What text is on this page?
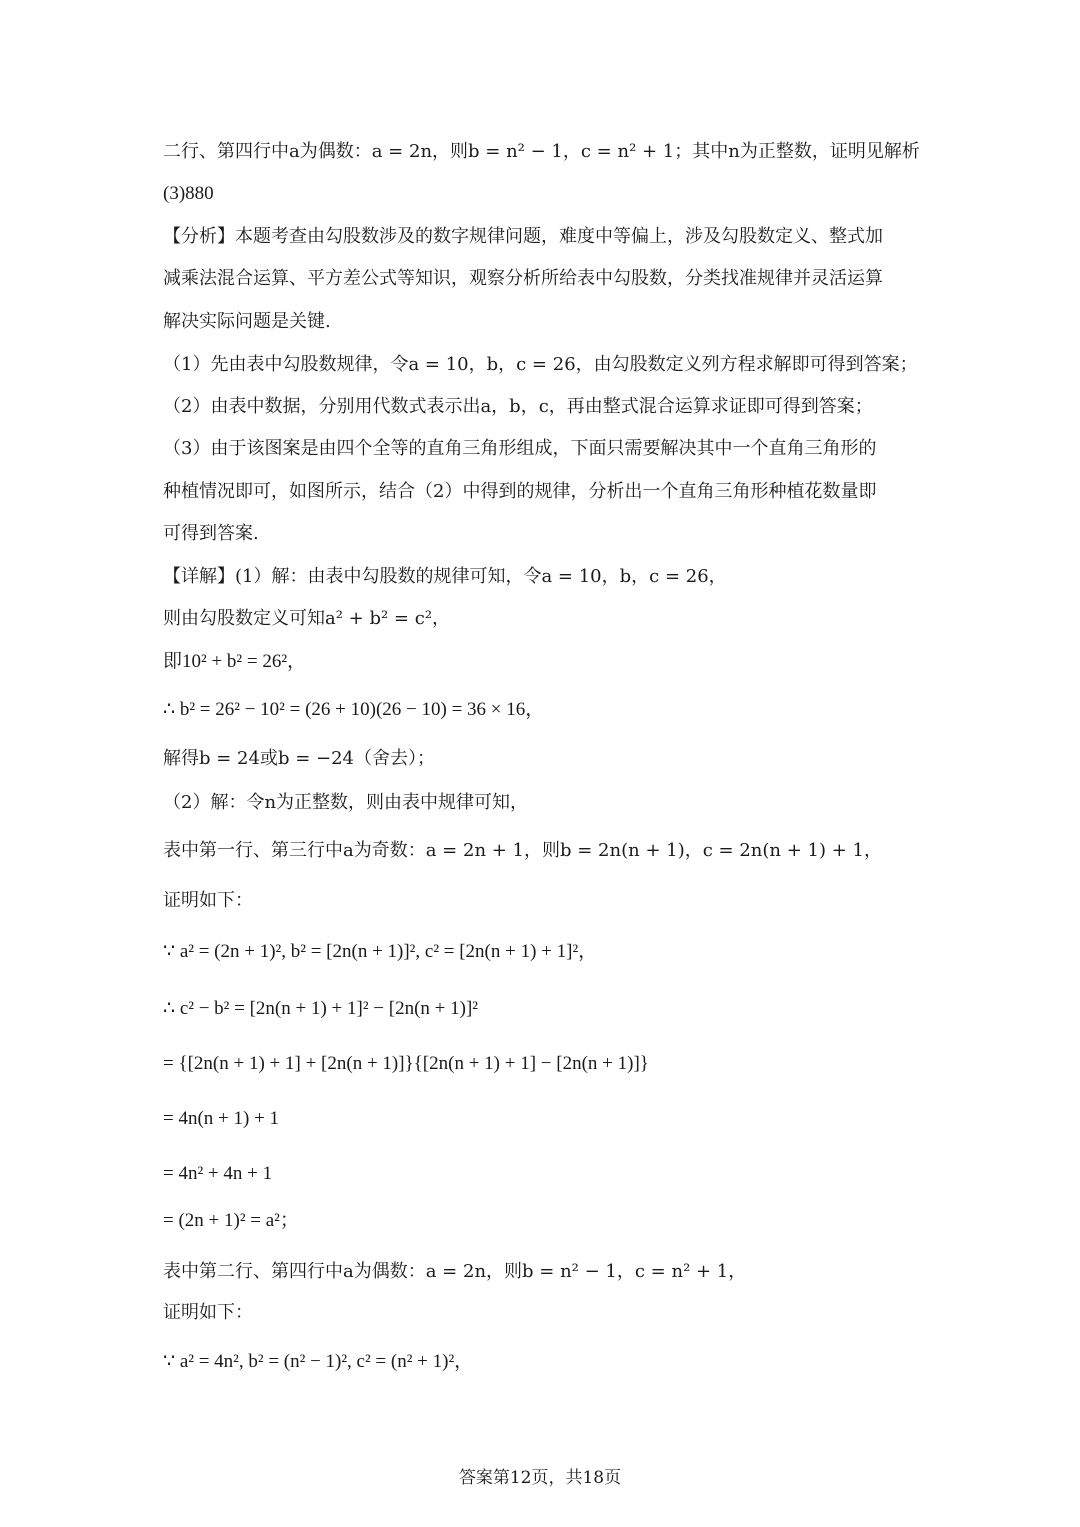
二行、第四行中a为偶数：a = 2n，则b = n² − 1，c = n² + 1；其中n为正整数，证明见解析
(3)880
【分析】本题考查由勾股数涉及的数字规律问题，难度中等偏上，涉及勾股数定义、整式加
减乘法混合运算、平方差公式等知识，观察分析所给表中勾股数，分类找准规律并灵活运算
解决实际问题是关键.
（1）先由表中勾股数规律，令a = 10，b，c = 26，由勾股数定义列方程求解即可得到答案；
（2）由表中数据，分别用代数式表示出a，b，c，再由整式混合运算求证即可得到答案；
（3）由于该图案是由四个全等的直角三角形组成，下面只需要解决其中一个直角三角形的
种植情况即可，如图所示，结合（2）中得到的规律，分析出一个直角三角形种植花数量即
可得到答案.
【详解】(1）解：由表中勾股数的规律可知，令a = 10，b，c = 26，
则由勾股数定义可知a² + b² = c²，
即10² + b² = 26²，
∴ b² = 26² − 10² = (26 + 10)(26 − 10) = 36 × 16，
解得b = 24或b = −24（舍去）；
（2）解：令n为正整数，则由表中规律可知，
表中第一行、第三行中a为奇数：a = 2n + 1，则b = 2n(n + 1)，c = 2n(n + 1) + 1，
证明如下：
∵ a² = (2n + 1)², b² = [2n(n + 1)]², c² = [2n(n + 1) + 1]²，
∴ c² − b² = [2n(n + 1) + 1]² − [2n(n + 1)]²
= {[2n(n + 1) + 1] + [2n(n + 1)]}{[2n(n + 1) + 1] − [2n(n + 1)]}
= 4n(n + 1) + 1
= 4n² + 4n + 1
= (2n + 1)² = a²；
表中第二行、第四行中a为偶数：a = 2n，则b = n² − 1，c = n² + 1，
证明如下：
∵ a² = 4n², b² = (n² − 1)², c² = (n² + 1)²，
答案第12页，共18页
